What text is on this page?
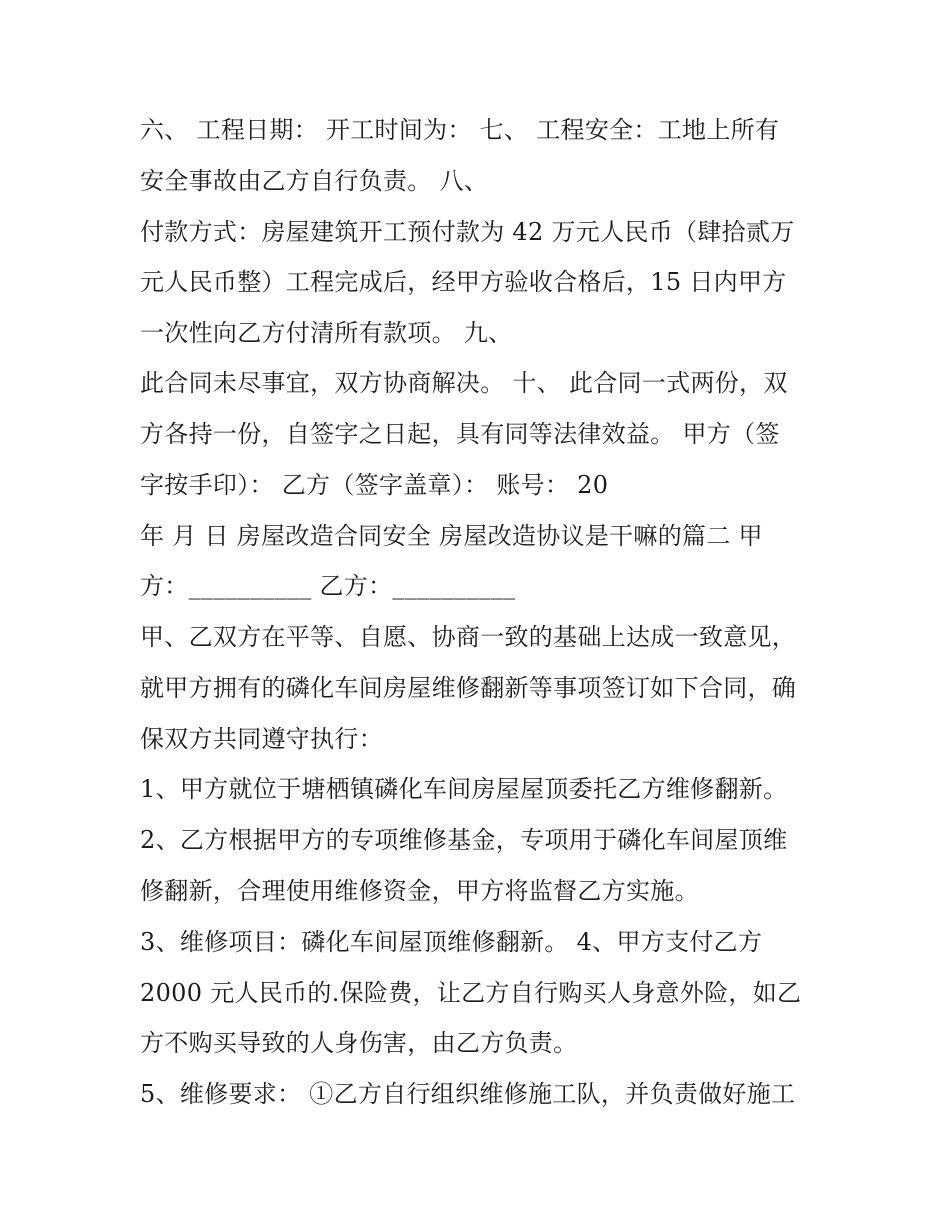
六、 工程日期： 开工时间为： 七、 工程安全：工地上所有
安全事故由乙方自行负责。 八、
付款方式：房屋建筑开工预付款为 42 万元人民币（肆拾贰万
元人民币整）工程完成后，经甲方验收合格后，15 日内甲方
一次性向乙方付清所有款项。 九、
此合同未尽事宜，双方协商解决。 十、 此合同一式两份，双
方各持一份，自签字之日起，具有同等法律效益。 甲方（签
字按手印）： 乙方（签字盖章）： 账号： 20
年 月 日 房屋改造合同安全 房屋改造协议是干嘛的篇二 甲
方：__________ 乙方：__________
甲、乙双方在平等、自愿、协商一致的基础上达成一致意见，
就甲方拥有的磷化车间房屋维修翻新等事项签订如下合同，确
保双方共同遵守执行：
1、甲方就位于塘栖镇磷化车间房屋屋顶委托乙方维修翻新。
2、乙方根据甲方的专项维修基金，专项用于磷化车间屋顶维
修翻新，合理使用维修资金，甲方将监督乙方实施。
3、维修项目：磷化车间屋顶维修翻新。 4、甲方支付乙方
2000 元人民币的.保险费，让乙方自行购买人身意外险，如乙
方不购买导致的人身伤害，由乙方负责。
5、维修要求： ①乙方自行组织维修施工队，并负责做好施工
